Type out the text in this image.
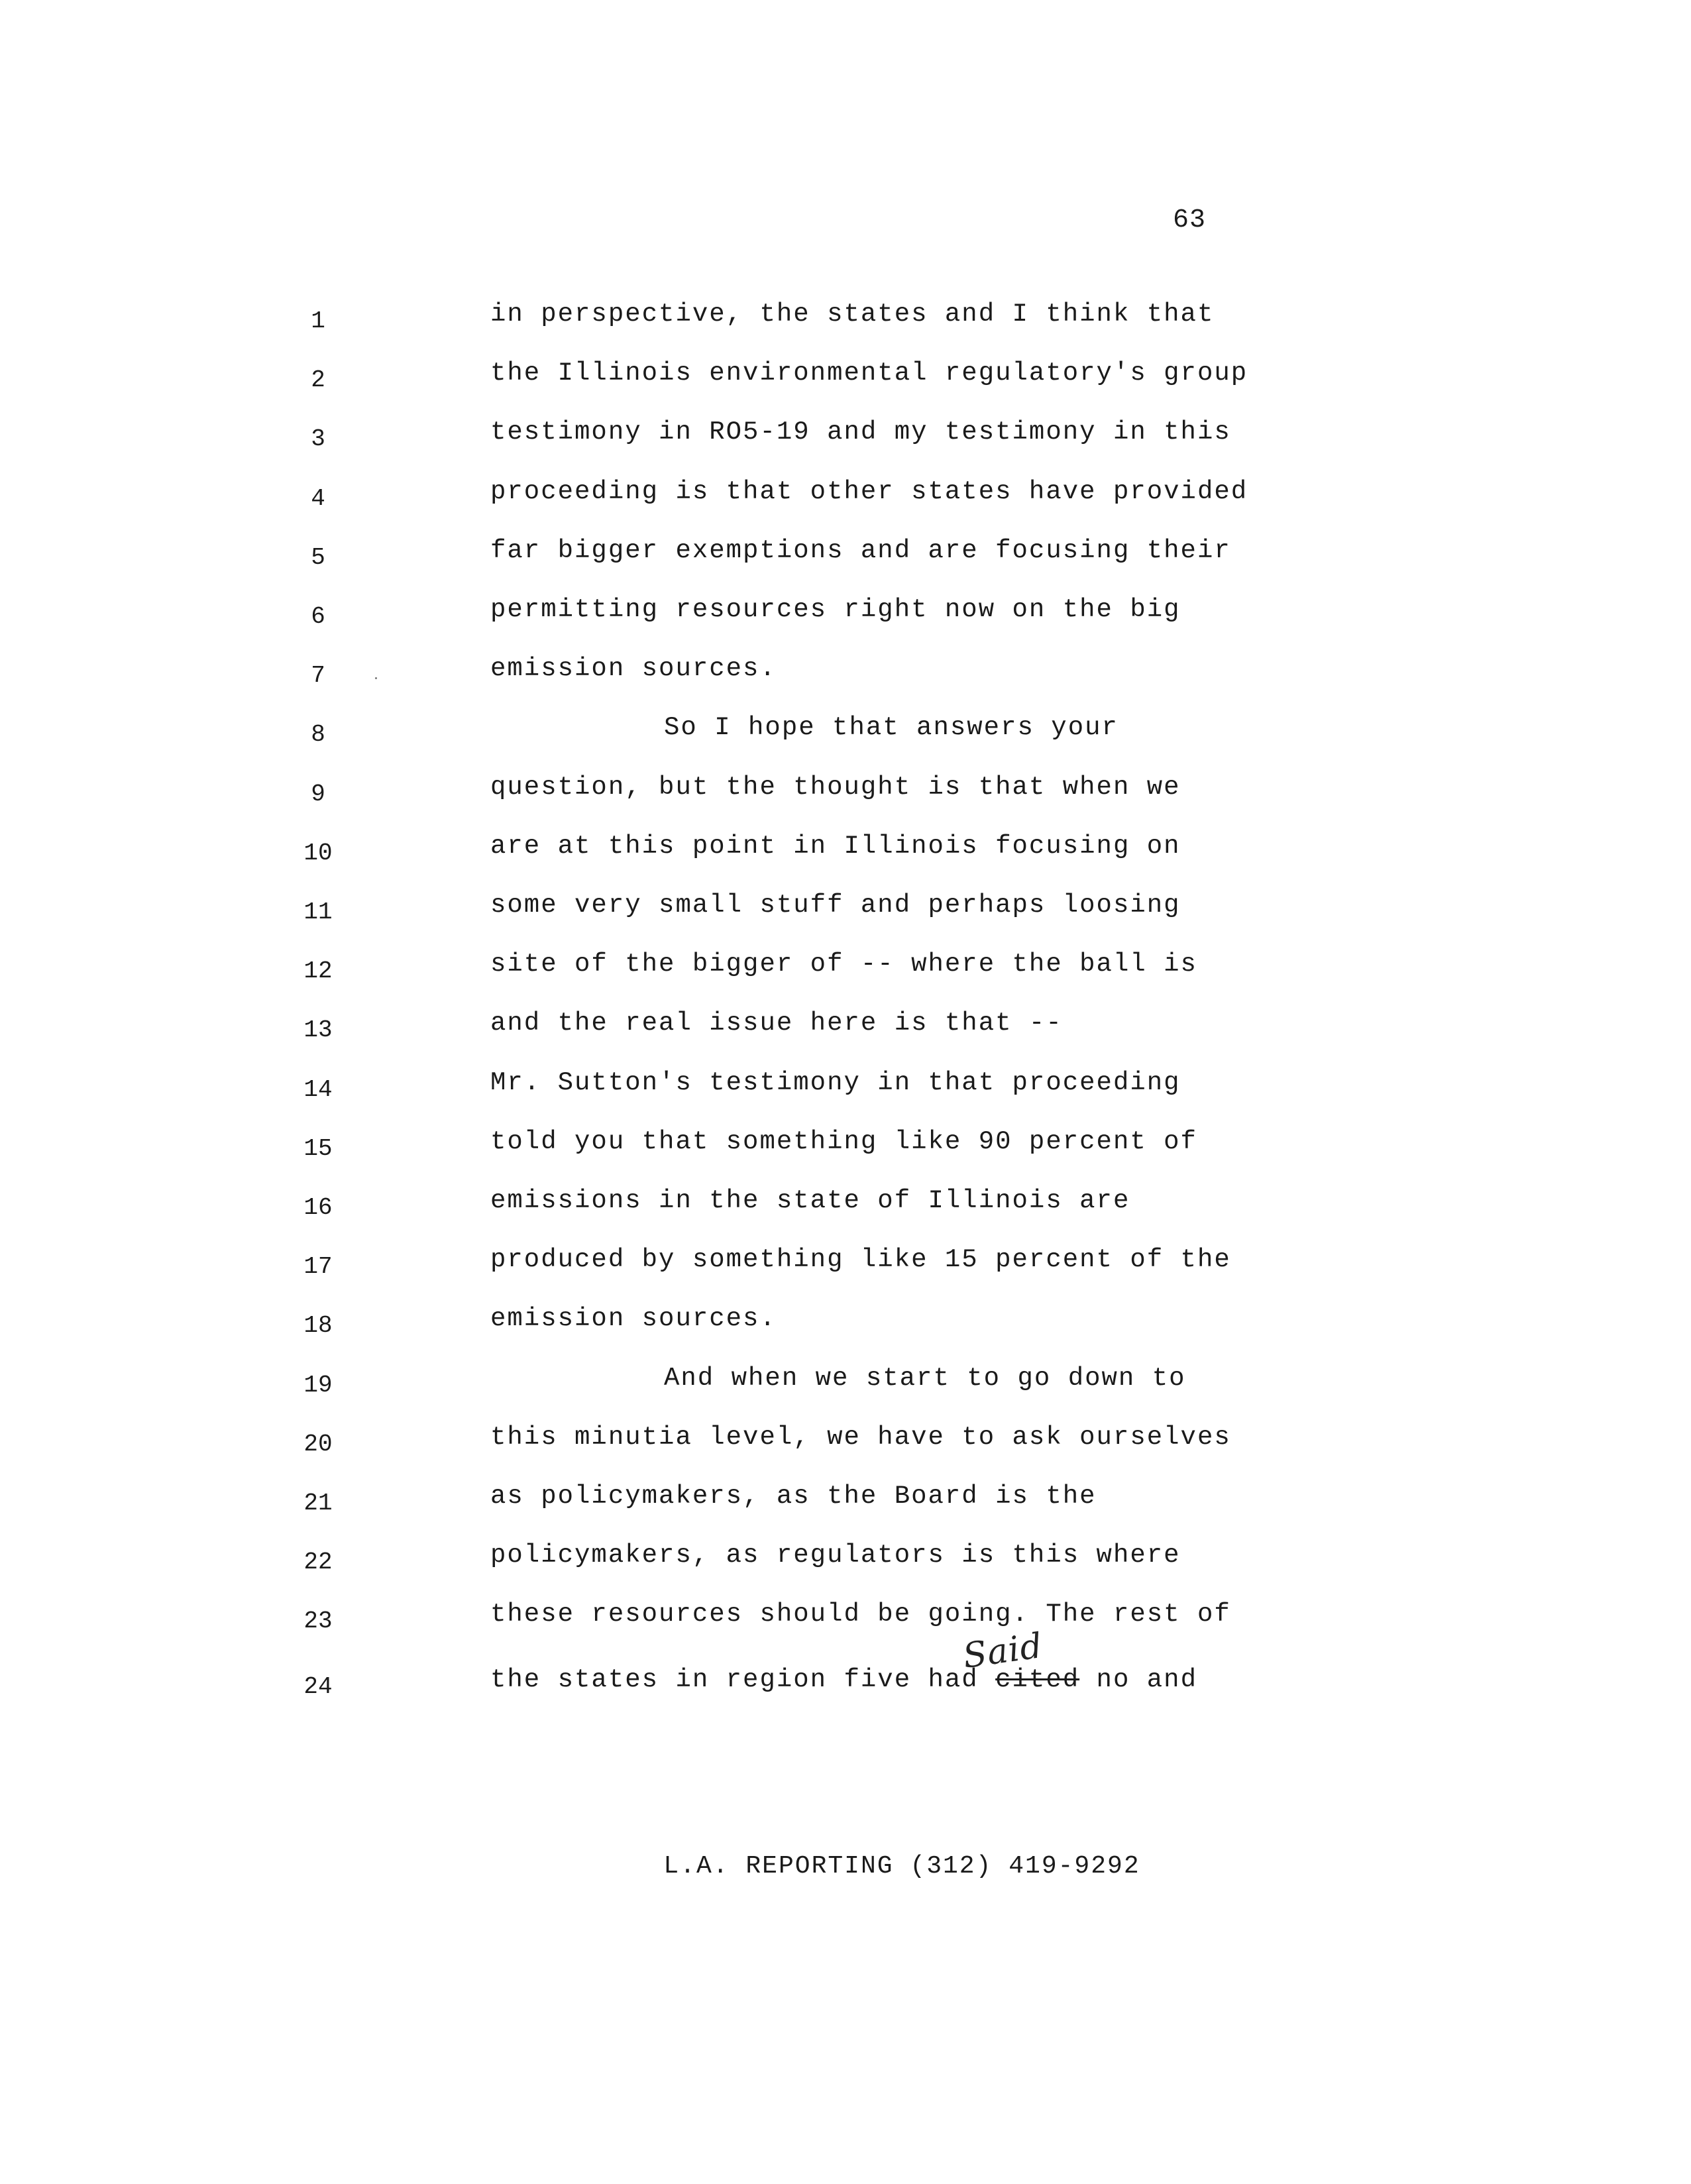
63
1	in perspective, the states and I think that
2	the Illinois environmental regulatory's group
3	testimony in RO5-19 and my testimony in this
4	proceeding is that other states have provided
5	far bigger exemptions and are focusing their
6	permitting resources right now on the big
7	emission sources.
8	So I hope that answers your
9	question, but the thought is that when we
10	are at this point in Illinois focusing on
11	some very small stuff and perhaps loosing
12	site of the bigger of -- where the ball is
13	and the real issue here is that --
14	Mr. Sutton's testimony in that proceeding
15	told you that something like 90 percent of
16	emissions in the state of Illinois are
17	produced by something like 15 percent of the
18	emission sources.
19	And when we start to go down to
20	this minutia level, we have to ask ourselves
21	as policymakers, as the Board is the
22	policymakers, as regulators is this where
23	these resources should be going. The rest of
24	the states in region five had cited no and
Said
L.A. REPORTING (312) 419-9292
